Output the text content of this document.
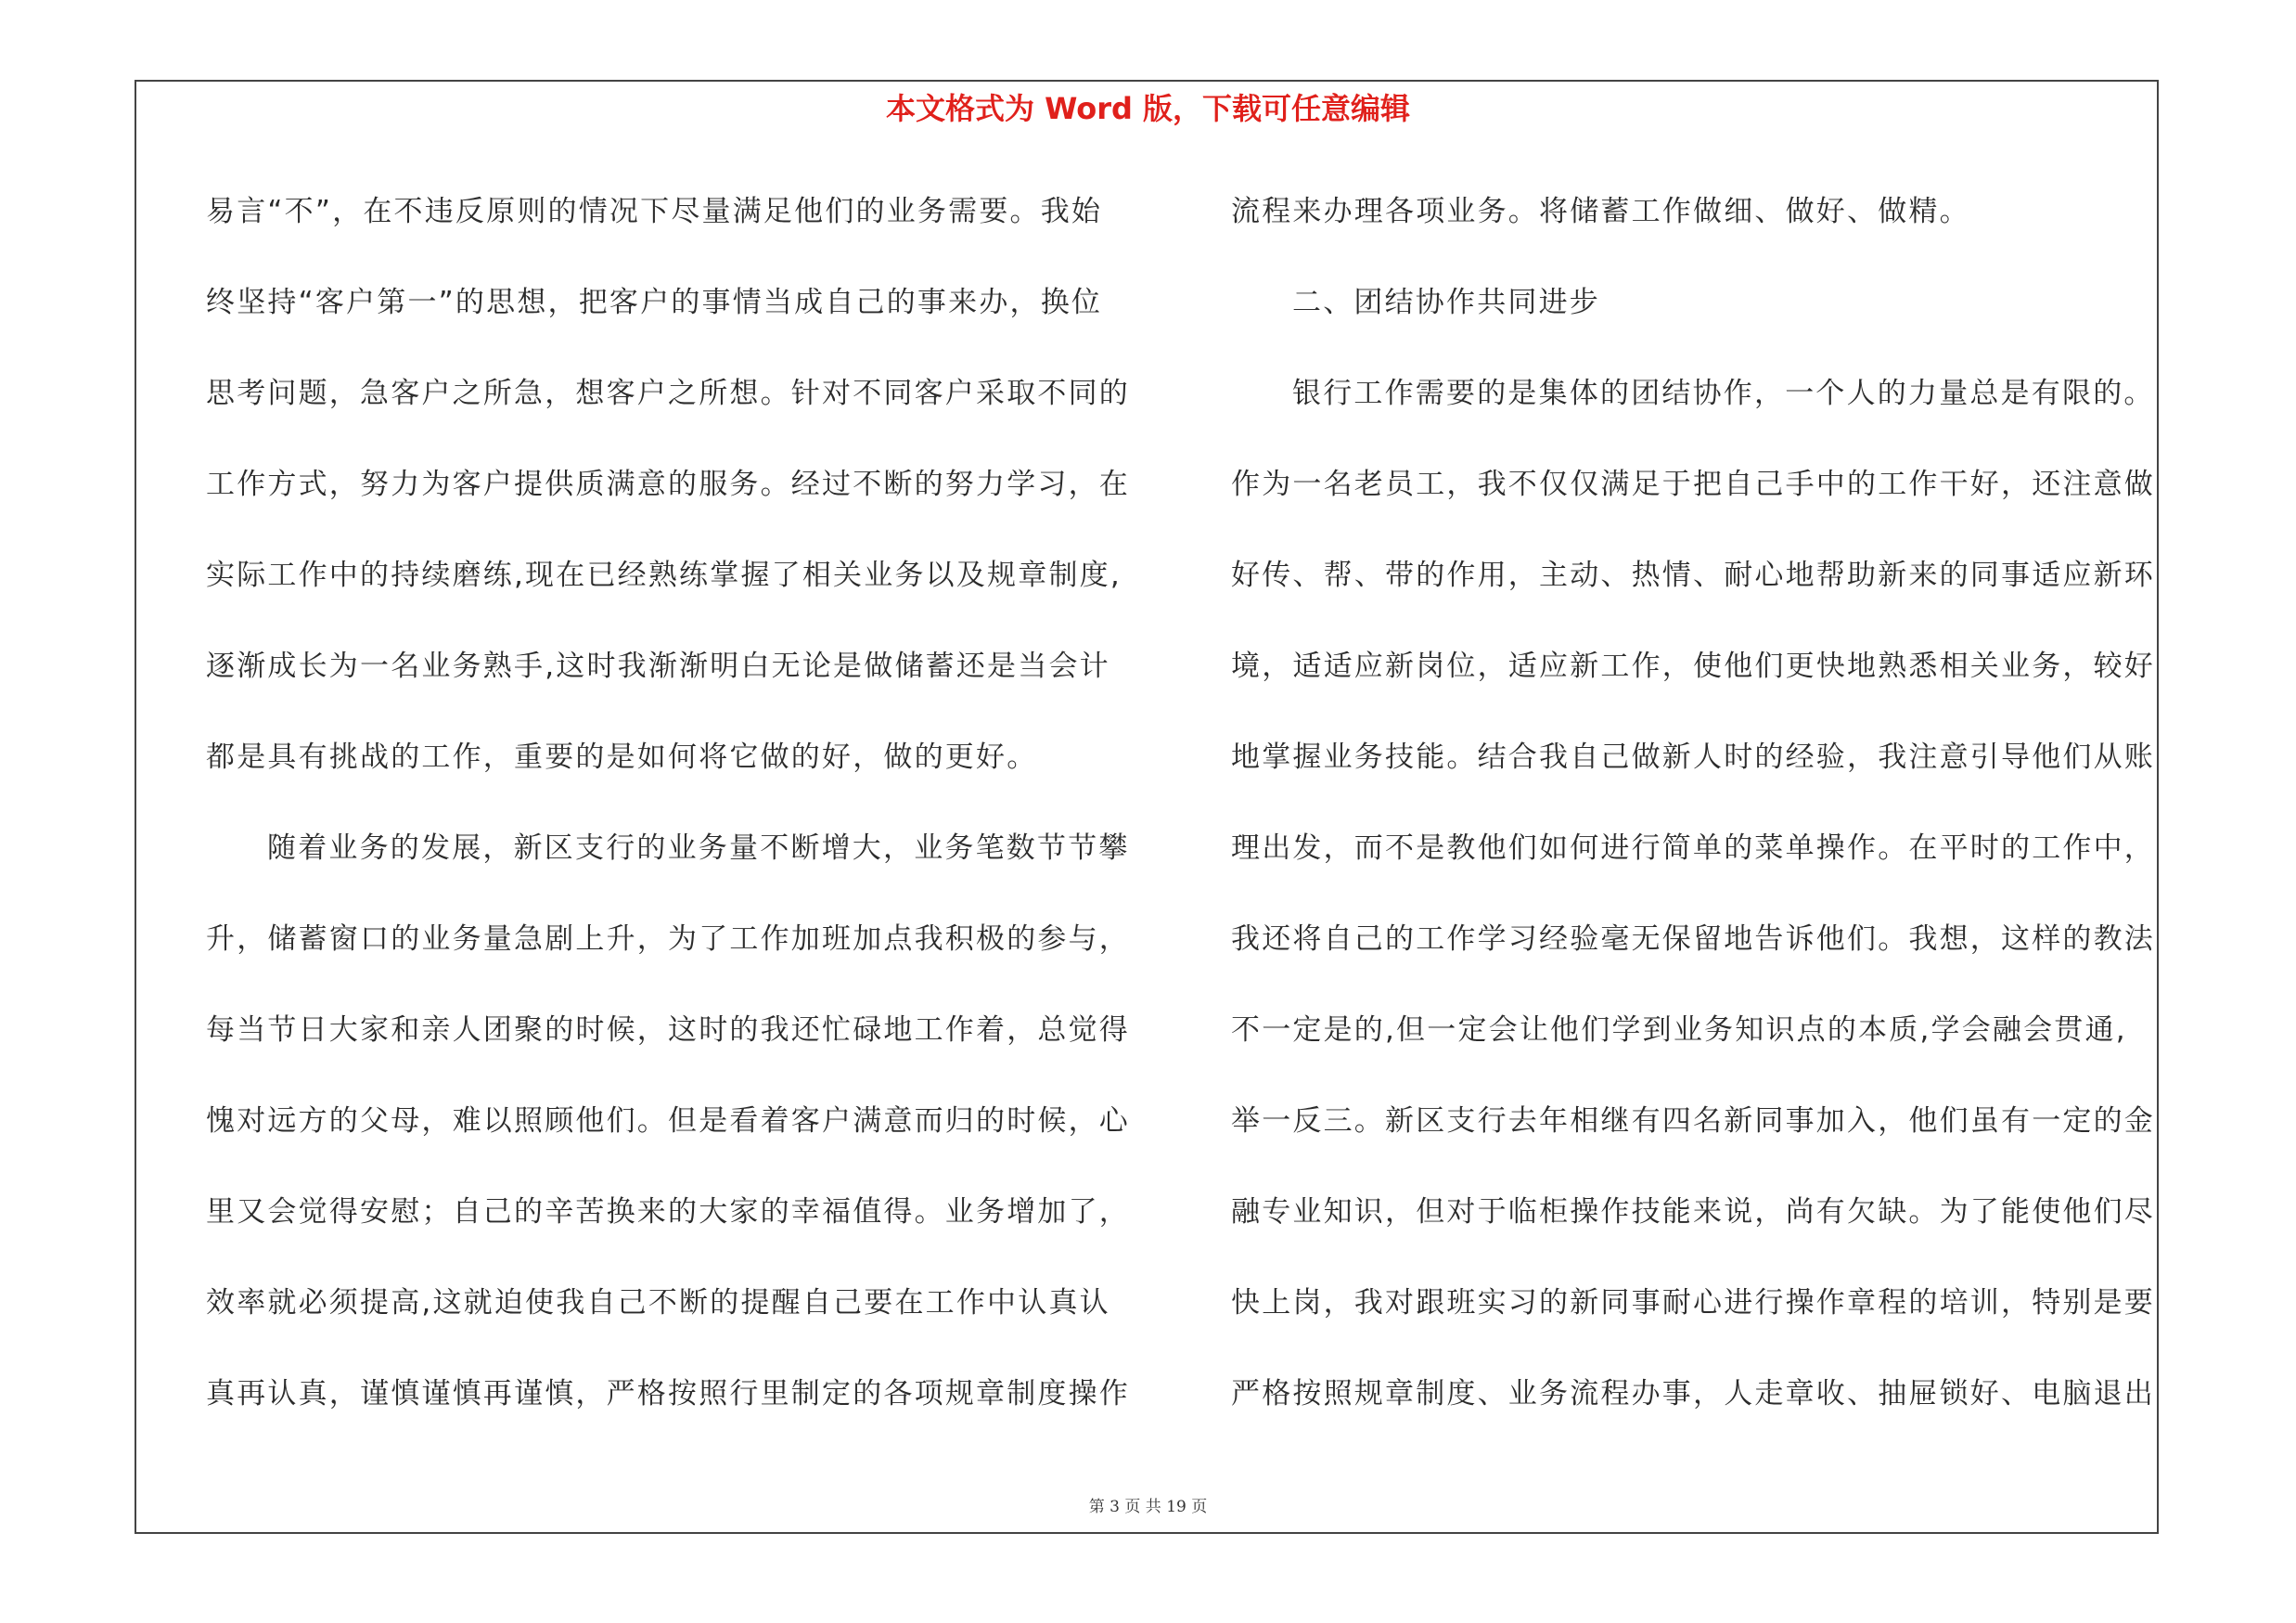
本文格式为 Word 版，下载可任意编辑
易言“不”，在不违反原则的情况下尽量满足他们的业务需要。我始
终坚持“客户第一”的思想，把客户的事情当成自己的事来办，换位
思考问题，急客户之所急，想客户之所想。针对不同客户采取不同的
工作方式，努力为客户提供质满意的服务。经过不断的努力学习，在
实际工作中的持续磨练,现在已经熟练掌握了相关业务以及规章制度,
逐渐成长为一名业务熟手,这时我渐渐明白无论是做储蓄还是当会计
都是具有挑战的工作，重要的是如何将它做的好，做的更好。
随着业务的发展，新区支行的业务量不断增大，业务笔数节节攀
升，储蓄窗口的业务量急剧上升，为了工作加班加点我积极的参与，
每当节日大家和亲人团聚的时候，这时的我还忙碌地工作着，总觉得
愧对远方的父母，难以照顾他们。但是看着客户满意而归的时候，心
里又会觉得安慰；自己的辛苦换来的大家的幸福值得。业务增加了，
效率就必须提高,这就迫使我自己不断的提醒自己要在工作中认真认
真再认真，谨慎谨慎再谨慎，严格按照行里制定的各项规章制度操作
流程来办理各项业务。将储蓄工作做细、做好、做精。
二、团结协作共同进步
银行工作需要的是集体的团结协作，一个人的力量总是有限的。
作为一名老员工，我不仅仅满足于把自己手中的工作干好，还注意做
好传、帮、带的作用，主动、热情、耐心地帮助新来的同事适应新环
境，适适应新岗位，适应新工作，使他们更快地熟悉相关业务，较好
地掌握业务技能。结合我自己做新人时的经验，我注意引导他们从账
理出发，而不是教他们如何进行简单的菜单操作。在平时的工作中，
我还将自己的工作学习经验毫无保留地告诉他们。我想，这样的教法
不一定是的,但一定会让他们学到业务知识点的本质,学会融会贯通,
举一反三。新区支行去年相继有四名新同事加入，他们虽有一定的金
融专业知识，但对于临柜操作技能来说，尚有欠缺。为了能使他们尽
快上岗，我对跟班实习的新同事耐心进行操作章程的培训，特别是要
严格按照规章制度、业务流程办事，人走章收、抽屉锁好、电脑退出
第 3 页 共 19 页
